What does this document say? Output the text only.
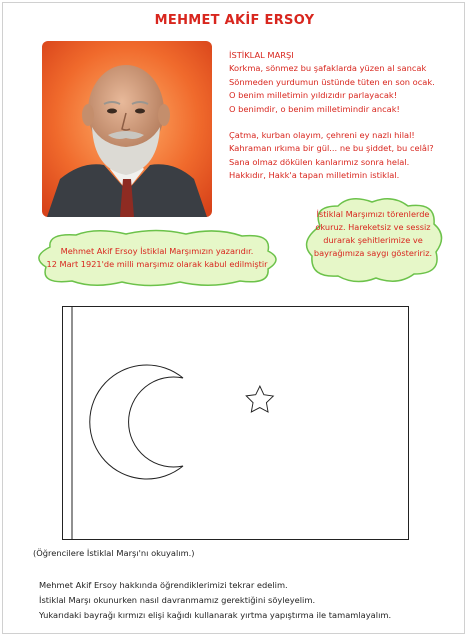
MEHMET AKİF ERSOY
İSTİKLAL MARŞI
Korkma, sönmez bu şafaklarda yüzen al sancak
Sönmeden yurdumun üstünde tüten en son ocak.
O benim milletimin yıldızıdır parlayacak!
O benimdir, o benim milletimindir ancak!
Çatma, kurban olayım, çehreni ey nazlı hilal!
Kahraman ırkıma bir gül... ne bu şiddet, bu celâl?
Sana olmaz dökülen kanlarımız sonra helal.
Hakkıdır, Hakk'a tapan milletimin istiklal.
İstiklal Marşımızı törenlerde
okuruz. Hareketsiz ve sessiz
durarak şehitlerimize ve
bayrağımıza saygı gösteririz.
Mehmet Akif Ersoy İstiklal Marşımızın yazarıdır.
12 Mart 1921'de milli marşımız olarak kabul edilmiştir
(Öğrencilere İstiklal Marşı'nı okuyalım.)
Mehmet Akif Ersoy hakkında öğrendiklerimizi tekrar edelim.
İstiklal Marşı okunurken nasıl davranmamız gerektiğini söyleyelim.
Yukarıdaki bayrağı kırmızı elişi kağıdı kullanarak yırtma yapıştırma ile tamamlayalım.
